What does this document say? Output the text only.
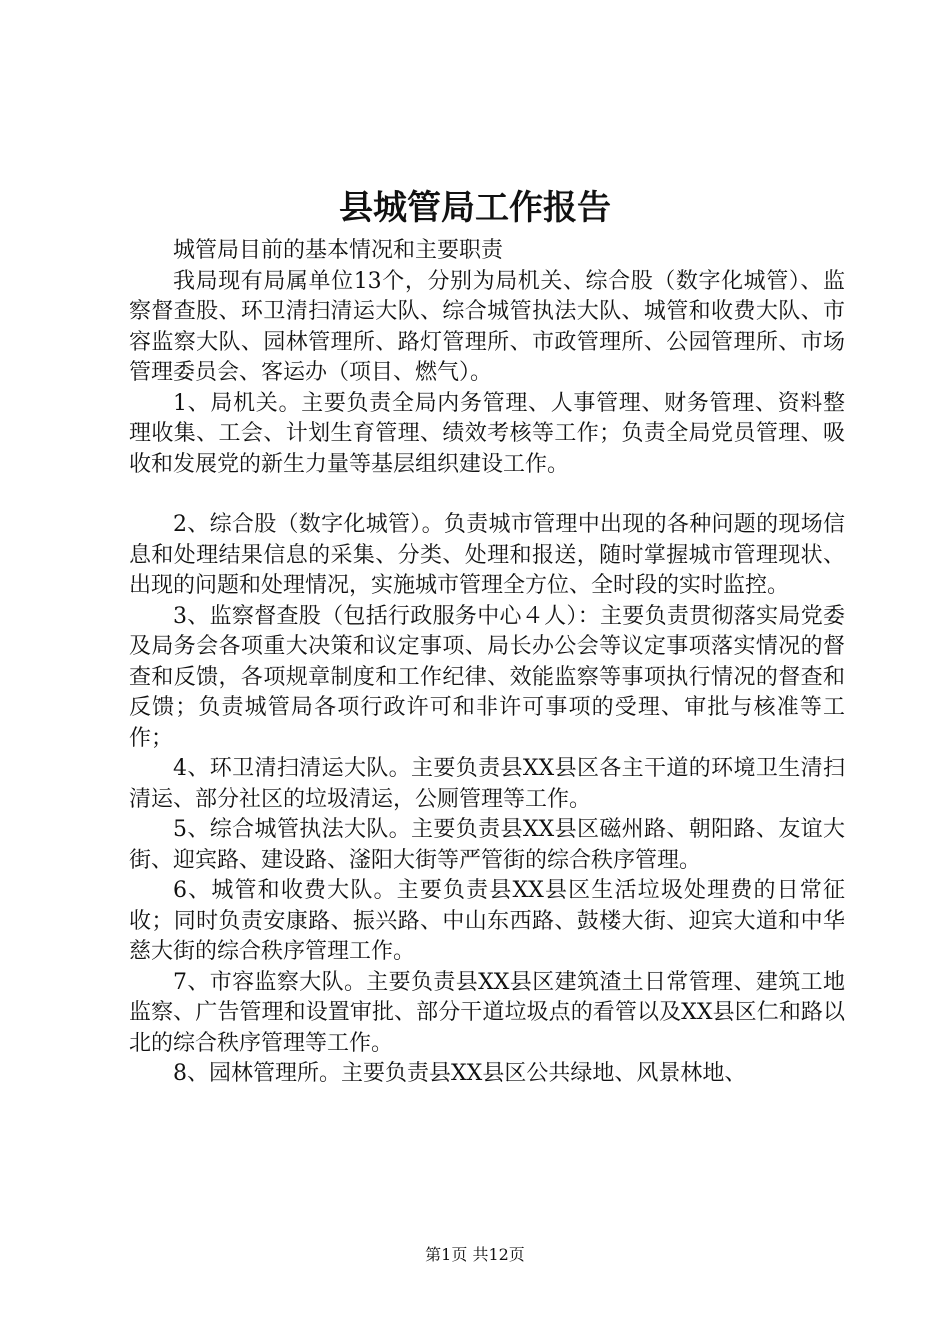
县城管局工作报告

城管局目前的基本情况和主要职责

我局现有局属单位13个，分别为局机关、综合股（数字化城管）、监察督查股、环卫清扫清运大队、综合城管执法大队、城管和收费大队、市容监察大队、园林管理所、路灯管理所、市政管理所、公园管理所、市场管理委员会、客运办（项目、燃气）。

1、局机关。主要负责全局内务管理、人事管理、财务管理、资料整理收集、工会、计划生育管理、绩效考核等工作；负责全局党员管理、吸收和发展党的新生力量等基层组织建设工作。

2、综合股（数字化城管）。负责城市管理中出现的各种问题的现场信息和处理结果信息的采集、分类、处理和报送，随时掌握城市管理现状、出现的问题和处理情况，实施城市管理全方位、全时段的实时监控。

3、监察督查股（包括行政服务中心４人）：主要负责贯彻落实局党委及局务会各项重大决策和议定事项、局长办公会等议定事项落实情况的督查和反馈，各项规章制度和工作纪律、效能监察等事项执行情况的督查和反馈；负责城管局各项行政许可和非许可事项的受理、审批与核准等工作；

4、环卫清扫清运大队。主要负责县XX县区各主干道的环境卫生清扫清运、部分社区的垃圾清运，公厕管理等工作。

5、综合城管执法大队。主要负责县XX县区磁州路、朝阳路、友谊大街、迎宾路、建设路、滏阳大街等严管街的综合秩序管理。

6、城管和收费大队。主要负责县XX县区生活垃圾处理费的日常征收；同时负责安康路、振兴路、中山东西路、鼓楼大街、迎宾大道和中华慈大街的综合秩序管理工作。

7、市容监察大队。主要负责县XX县区建筑渣土日常管理、建筑工地监察、广告管理和设置审批、部分干道垃圾点的看管以及XX县区仁和路以北的综合秩序管理等工作。

8、园林管理所。主要负责县XX县区公共绿地、风景林地、

第1页 共12页
